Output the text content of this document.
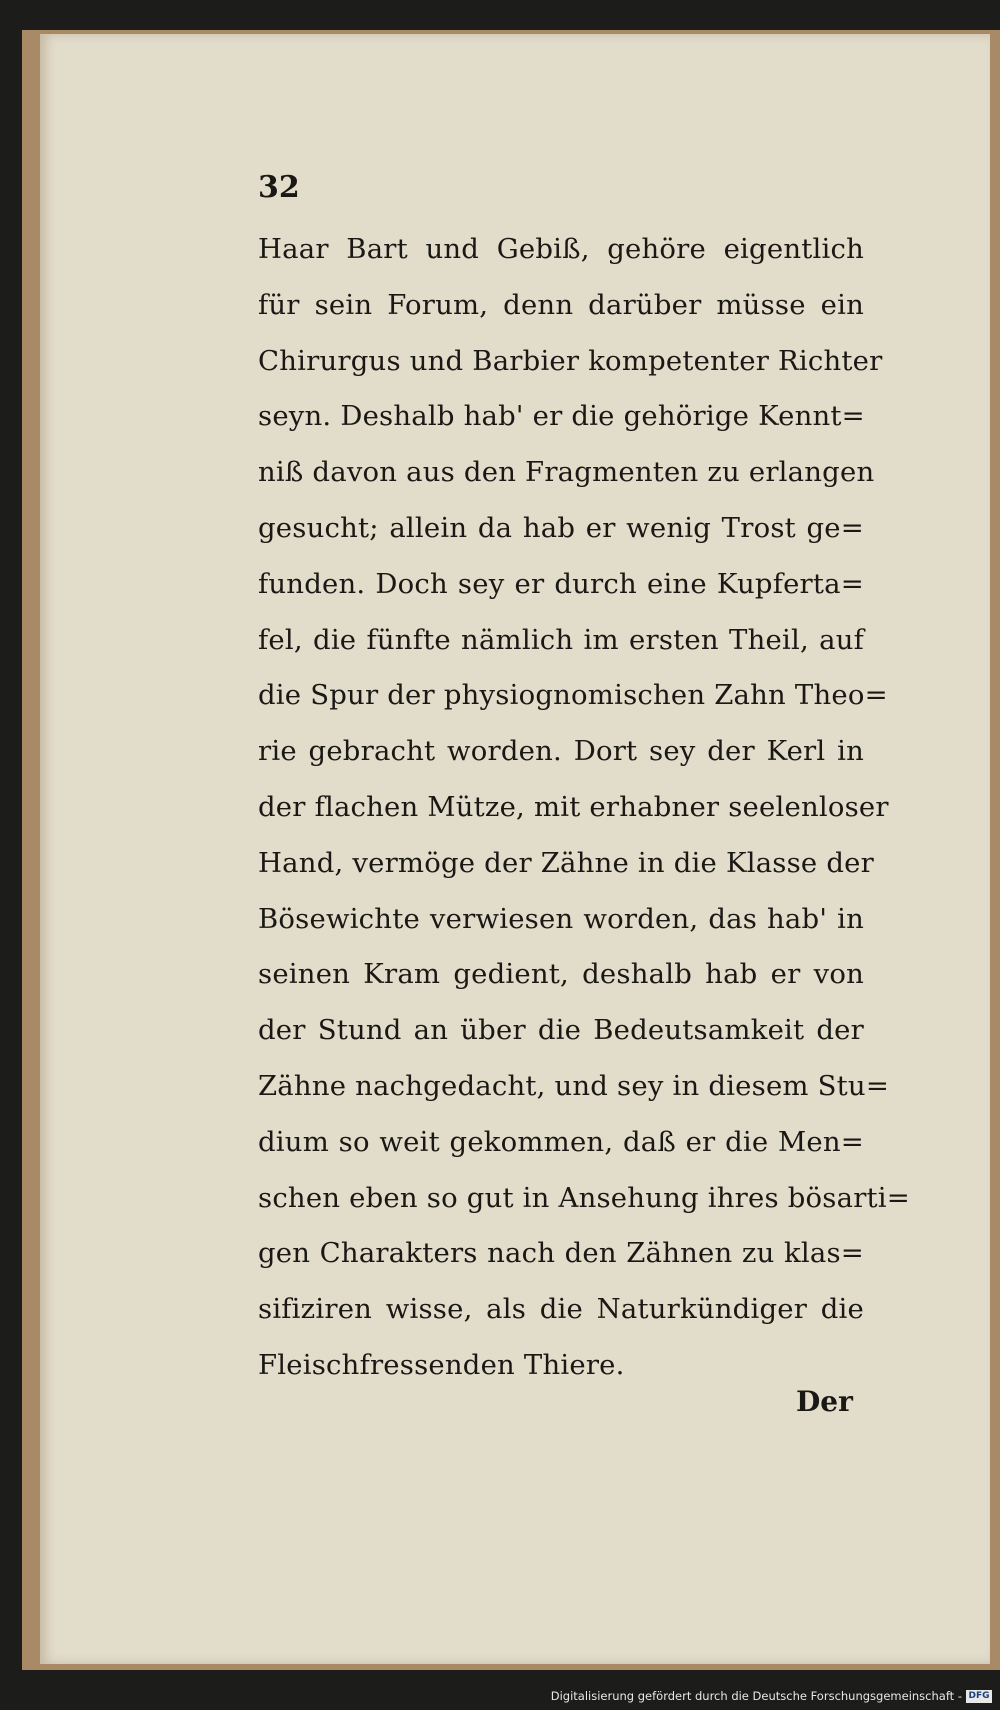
32
Haar Bart und Gebiß, gehöre eigentlich
für sein Forum, denn darüber müsse ein
Chirurgus und Barbier kompetenter Richter
seyn. Deshalb hab' er die gehörige Kennt=
niß davon aus den Fragmenten zu erlangen
gesucht; allein da hab er wenig Trost ge=
funden. Doch sey er durch eine Kupferta=
fel, die fünfte nämlich im ersten Theil, auf
die Spur der physiognomischen Zahn Theo=
rie gebracht worden. Dort sey der Kerl in
der flachen Mütze, mit erhabner seelenloser
Hand, vermöge der Zähne in die Klasse der
Bösewichte verwiesen worden, das hab' in
seinen Kram gedient, deshalb hab er von
der Stund an über die Bedeutsamkeit der
Zähne nachgedacht, und sey in diesem Stu=
dium so weit gekommen, daß er die Men=
schen eben so gut in Ansehung ihres bösarti=
gen Charakters nach den Zähnen zu klas=
sifiziren wisse, als die Naturkündiger die
Fleischfressenden Thiere.
Der
Digitalisierung gefördert durch die Deutsche Forschungsgemeinschaft - DFG
